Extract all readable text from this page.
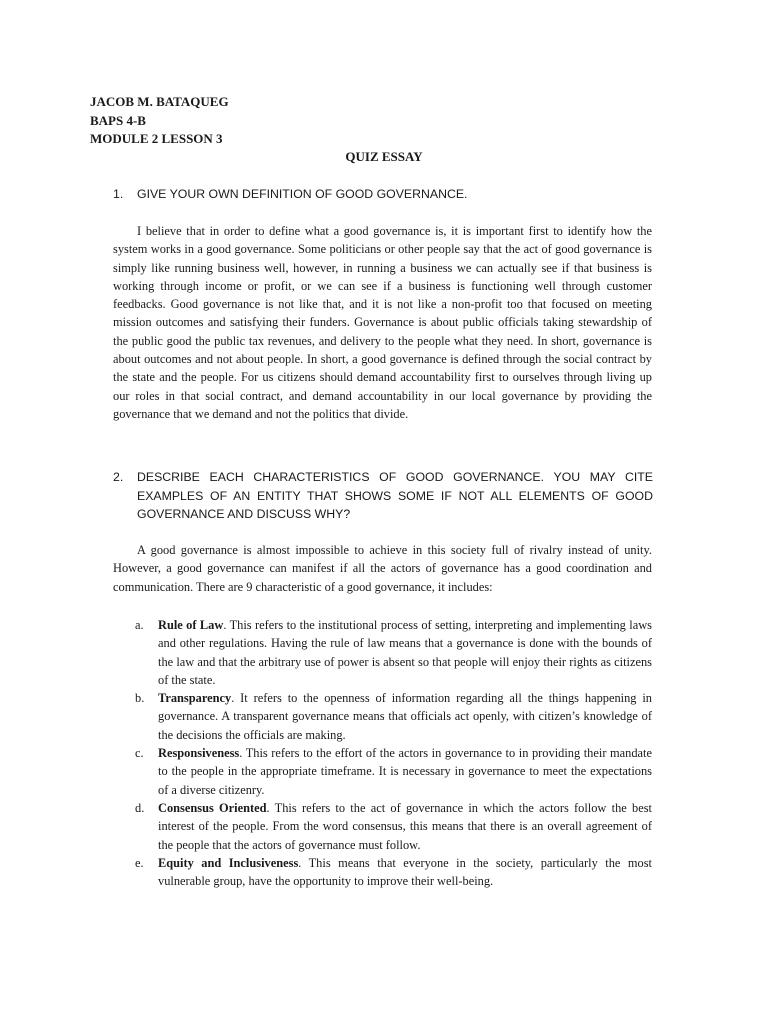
JACOB M. BATAQUEG
BAPS 4-B
MODULE 2 LESSON 3
QUIZ ESSAY
1. GIVE YOUR OWN DEFINITION OF GOOD GOVERNANCE.
I believe that in order to define what a good governance is, it is important first to identify how the system works in a good governance. Some politicians or other people say that the act of good governance is simply like running business well, however, in running a business we can actually see if that business is working through income or profit, or we can see if a business is functioning well through customer feedbacks. Good governance is not like that, and it is not like a non-profit too that focused on meeting mission outcomes and satisfying their funders. Governance is about public officials taking stewardship of the public good the public tax revenues, and delivery to the people what they need. In short, governance is about outcomes and not about people. In short, a good governance is defined through the social contract by the state and the people. For us citizens should demand accountability first to ourselves through living up our roles in that social contract, and demand accountability in our local governance by providing the governance that we demand and not the politics that divide.
2. DESCRIBE EACH CHARACTERISTICS OF GOOD GOVERNANCE. YOU MAY CITE EXAMPLES OF AN ENTITY THAT SHOWS SOME IF NOT ALL ELEMENTS OF GOOD GOVERNANCE AND DISCUSS WHY?
A good governance is almost impossible to achieve in this society full of rivalry instead of unity. However, a good governance can manifest if all the actors of governance has a good coordination and communication. There are 9 characteristic of a good governance, it includes:
a. Rule of Law. This refers to the institutional process of setting, interpreting and implementing laws and other regulations. Having the rule of law means that a governance is done with the bounds of the law and that the arbitrary use of power is absent so that people will enjoy their rights as citizens of the state.
b. Transparency. It refers to the openness of information regarding all the things happening in governance. A transparent governance means that officials act openly, with citizen’s knowledge of the decisions the officials are making.
c. Responsiveness. This refers to the effort of the actors in governance to in providing their mandate to the people in the appropriate timeframe. It is necessary in governance to meet the expectations of a diverse citizenry.
d. Consensus Oriented. This refers to the act of governance in which the actors follow the best interest of the people. From the word consensus, this means that there is an overall agreement of the people that the actors of governance must follow.
e. Equity and Inclusiveness. This means that everyone in the society, particularly the most vulnerable group, have the opportunity to improve their well-being.
